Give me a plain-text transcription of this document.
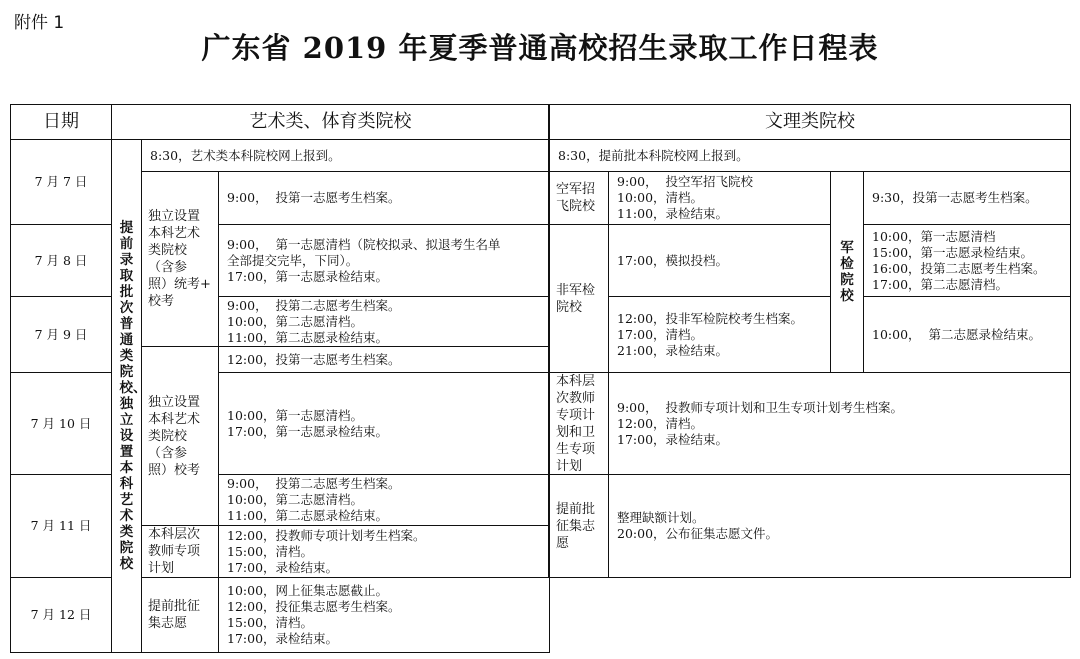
附件 1
广东省 2019 年夏季普通高校招生录取工作日程表
日期	艺术类、体育类院校	文理类院校
7 月 7 日
7 月 8 日
7 月 9 日
7 月 10 日
7 月 11 日
7 月 12 日
提前录取批次普通类院校、独立设置本科艺术类院校
8:30，艺术类本科院校网上报到。
独立设置
本科艺术
类院校
（含参
照）统考+
校考
9:00，  投第一志愿考生档案。
9:00，  第一志愿清档（院校拟录、拟退考生名单
全部提交完毕，下同）。
17:00，第一志愿录检结束。
9:00，  投第二志愿考生档案。
10:00，第二志愿清档。
11:00，第二志愿录检结束。
独立设置
本科艺术
类院校
（含参
照）校考
12:00，投第一志愿考生档案。
10:00，第一志愿清档。
17:00，第一志愿录检结束。
9:00，  投第二志愿考生档案。
10:00，第二志愿清档。
11:00，第二志愿录检结束。
本科层次
教师专项
计划
12:00，投教师专项计划考生档案。
15:00，清档。
17:00，录检结束。
提前批征
集志愿
10:00，网上征集志愿截止。
12:00，投征集志愿考生档案。
15:00，清档。
17:00，录检结束。
8:30，提前批本科院校网上报到。
空军招
飞院校
9:00，  投空军招飞院校
10:00，清档。
11:00，录检结束。
非军检
院校
17:00，模拟投档。
12:00，投非军检院校考生档案。
17:00，清档。
21:00，录检结束。
军检院校
9:30，投第一志愿考生档案。
10:00，第一志愿清档
15:00，第一志愿录检结束。
16:00，投第二志愿考生档案。
17:00，第二志愿清档。
10:00，  第二志愿录检结束。
本科层
次教师
专项计
划和卫
生专项
计划
9:00，  投教师专项计划和卫生专项计划考生档案。
12:00，清档。
17:00，录检结束。
提前批
征集志
愿
整理缺额计划。
20:00，公布征集志愿文件。
